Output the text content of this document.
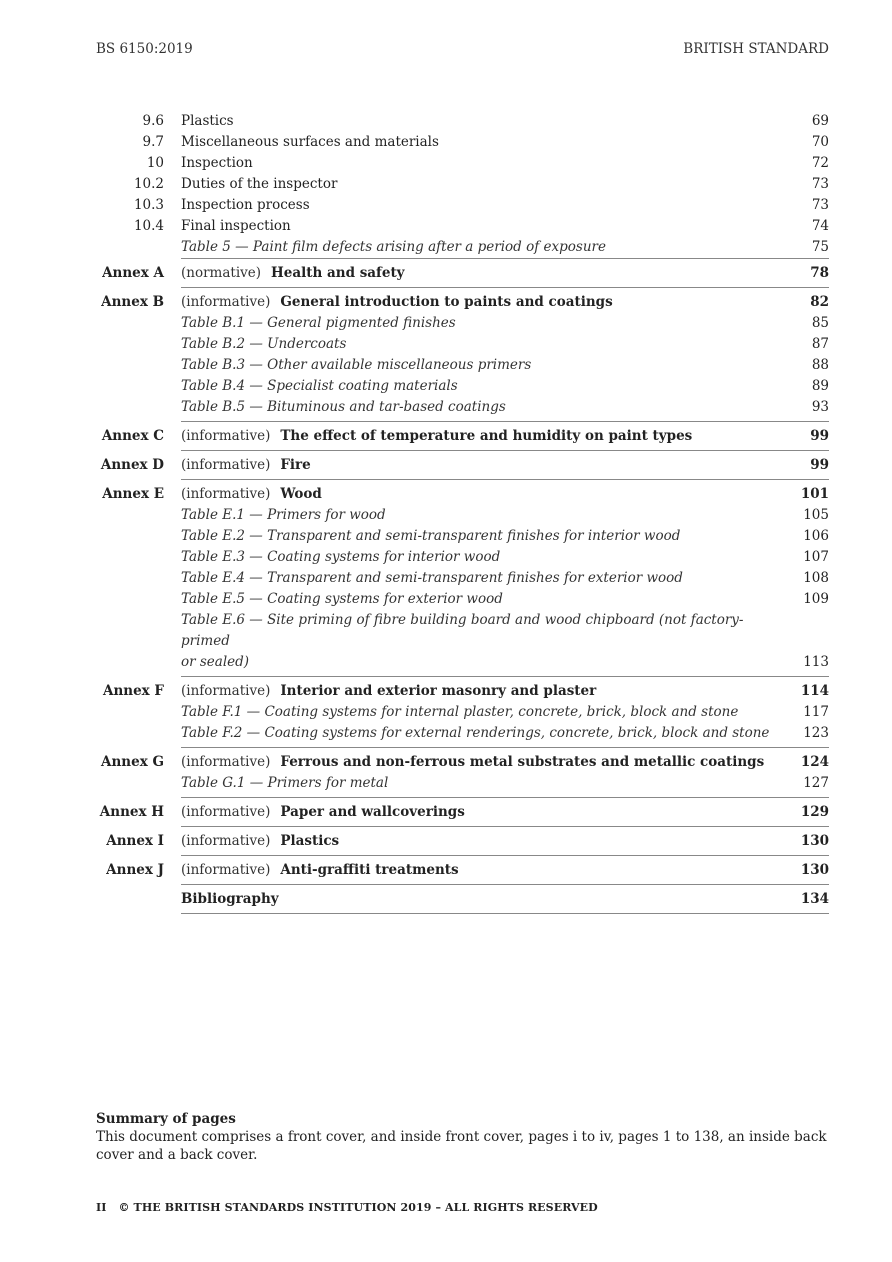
BS 6150:2019	BRITISH STANDARD
9.6	Plastics	69
9.7	Miscellaneous surfaces and materials	70
10	Inspection	72
10.2	Duties of the inspector	73
10.3	Inspection process	73
10.4	Final inspection	74
Table 5 — Paint film defects arising after a period of exposure	75
Annex A	(normative) Health and safety	78
Annex B	(informative) General introduction to paints and coatings	82
Table B.1 — General pigmented finishes	85
Table B.2 — Undercoats	87
Table B.3 — Other available miscellaneous primers	88
Table B.4 — Specialist coating materials	89
Table B.5 — Bituminous and tar-based coatings	93
Annex C	(informative) The effect of temperature and humidity on paint types	99
Annex D	(informative) Fire	99
Annex E	(informative) Wood	101
Table E.1 — Primers for wood	105
Table E.2 — Transparent and semi-transparent finishes for interior wood	106
Table E.3 — Coating systems for interior wood	107
Table E.4 — Transparent and semi-transparent finishes for exterior wood	108
Table E.5 — Coating systems for exterior wood	109
Table E.6 — Site priming of fibre building board and wood chipboard (not factory-primed
or sealed)	113
Annex F	(informative) Interior and exterior masonry and plaster	114
Table F.1 — Coating systems for internal plaster, concrete, brick, block and stone	117
Table F.2 — Coating systems for external renderings, concrete, brick, block and stone	123
Annex G	(informative) Ferrous and non-ferrous metal substrates and metallic coatings	124
Table G.1 — Primers for metal	127
Annex H	(informative) Paper and wallcoverings	129
Annex I	(informative) Plastics	130
Annex J	(informative) Anti-graffiti treatments	130
Bibliography	134
Summary of pages
This document comprises a front cover, and inside front cover, pages i to iv, pages 1 to 138, an inside back cover and a back cover.
II © THE BRITISH STANDARDS INSTITUTION 2019 – ALL RIGHTS RESERVED
